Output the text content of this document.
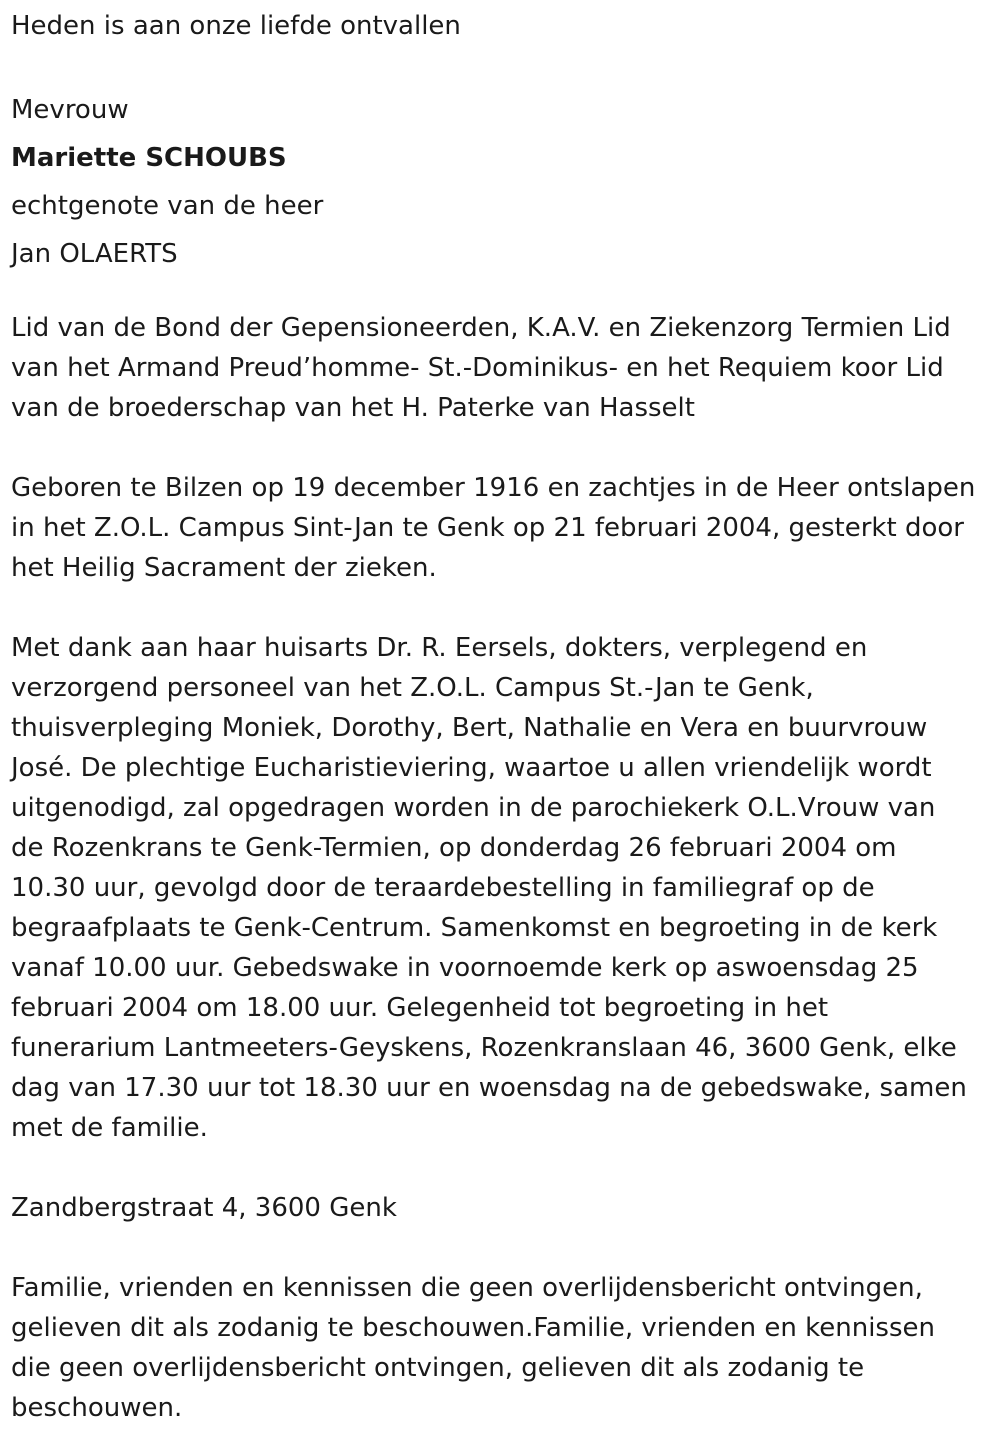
Heden is aan onze liefde ontvallen

Mevrouw

Mariette SCHOUBS

echtgenote van de heer

Jan OLAERTS

Lid van de Bond der Gepensioneerden, K.A.V. en Ziekenzorg Termien Lid
van het Armand Preud’homme- St.-Dominikus- en het Requiem koor Lid
van de broederschap van het H. Paterke van Hasselt

Geboren te Bilzen op 19 december 1916 en zachtjes in de Heer ontslapen
in het Z.O.L. Campus Sint-Jan te Genk op 21 februari 2004, gesterkt door
het Heilig Sacrament der zieken.

Met dank aan haar huisarts Dr. R. Eersels, dokters, verplegend en
verzorgend personeel van het Z.O.L. Campus St.-Jan te Genk,
thuisverpleging Moniek, Dorothy, Bert, Nathalie en Vera en buurvrouw
José. De plechtige Eucharistieviering, waartoe u allen vriendelijk wordt
uitgenodigd, zal opgedragen worden in de parochiekerk O.L.Vrouw van
de Rozenkrans te Genk-Termien, op donderdag 26 februari 2004 om
10.30 uur, gevolgd door de teraardebestelling in familiegraf op de
begraafplaats te Genk-Centrum. Samenkomst en begroeting in de kerk
vanaf 10.00 uur. Gebedswake in voornoemde kerk op aswoensdag 25
februari 2004 om 18.00 uur. Gelegenheid tot begroeting in het
funerarium Lantmeeters-Geyskens, Rozenkranslaan 46, 3600 Genk, elke
dag van 17.30 uur tot 18.30 uur en woensdag na de gebedswake, samen
met de familie.

Zandbergstraat 4, 3600 Genk

Familie, vrienden en kennissen die geen overlijdensbericht ontvingen,
gelieven dit als zodanig te beschouwen.Familie, vrienden en kennissen
die geen overlijdensbericht ontvingen, gelieven dit als zodanig te
beschouwen.
